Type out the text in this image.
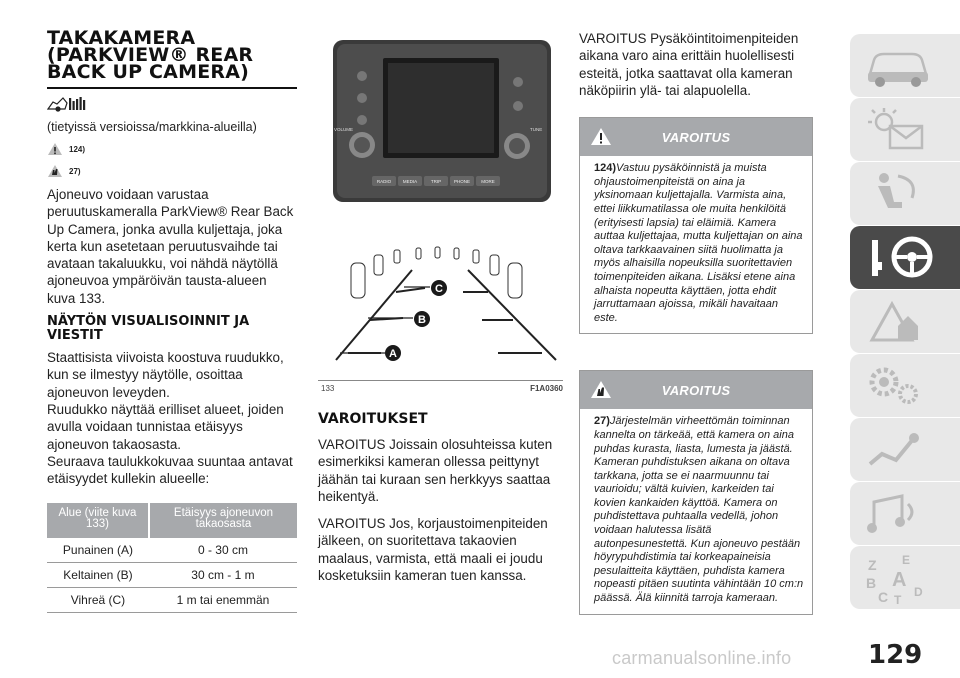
TAKAKAMERA (PARKVIEW® REAR BACK UP CAMERA)
(tietyissä versioissa/markkina-alueilla)
124)
27)

Ajoneuvo voidaan varustaa peruutuskameralla ParkView® Rear Back Up Camera, jonka avulla kuljettaja, joka kerta kun asetetaan peruutusvaihde tai avataan takaluukku, voi nähdä näytöllä ajoneuvoa ympäröivän tausta-alueen kuva 133.

NÄYTÖN VISUALISOINNIT JA VIESTIT

Staattisista viivoista koostuva ruudukko, kun se ilmestyy näytölle, osoittaa ajoneuvon leveyden.

Ruudukko näyttää erilliset alueet, joiden avulla voidaan tunnistaa etäisyys ajoneuvon takaosasta.

Seuraava taulukkokuvaa suuntaa antavat etäisyydet kullekin alueelle:

Alue (viite kuva 133)	Etäisyys ajoneuvon takaosasta
Punainen (A)	0 - 30 cm
Keltainen (B)	30 cm - 1 m
Vihreä (C)	1 m tai enemmän
VOLUME	TUNE
RADIO	MEDIA	TRIP	PHONE MORE
C
B
A
133	F1A0360
VAROITUKSET

VAROITUS Joissain olosuhteissa kuten esimerkiksi kameran ollessa peittynyt jäähän tai kuraan sen herkkyys saattaa heikentyä.

VAROITUS Jos, korjaustoimenpiteiden jälkeen, on suoritettava takaovien maalaus, varmista, että maali ei joudu kosketuksiin kameran tuen kanssa.

VAROITUS Pysäköintitoimenpiteiden aikana varo aina erittäin huolellisesti esteitä, jotka saattavat olla kameran näköpiirin ylä- tai alapuolella.

VAROITUS
124)Vastuu pysäköinnistä ja muista ohjaustoimenpiteistä on aina ja yksinomaan kuljettajalla. Varmista aina, ettei liikkumatilassa ole muita henkilöitä (erityisesti lapsia) tai eläimiä. Kamera auttaa kuljettajaa, mutta kuljettajan on aina oltava tarkkaavainen siitä huolimatta ja myös alhaisilla nopeuksilla suoritettavien toimenpiteiden aikana. Lisäksi etene aina alhaista nopeutta käyttäen, jotta ehdit jarruttamaan ajoissa, mikäli havaitaan este.
VAROITUS
27)Järjestelmän virheettömän toiminnan kannelta on tärkeää, että kamera on aina puhdas kurasta, liasta, lumesta ja jäästä. Kameran puhdistuksen aikana on oltava tarkkana, jotta se ei naarmuunnu tai vaurioidu; vältä kuivien, karkeiden tai kovien kankaiden käyttöä. Kamera on puhdistettava puhtaalla vedellä, johon voidaan halutessa lisätä autonpesunestettä. Kun ajoneuvo pestään höyrypuhdistimia tai korkeapaineisia pesulaitteita käyttäen, puhdista kamera nopeasti pitäen suutinta vähintään 10 cm:n päässä. Älä kiinnitä tarroja kameraan.
Z E
B A
C T
D
carmanualsonline.info	129
